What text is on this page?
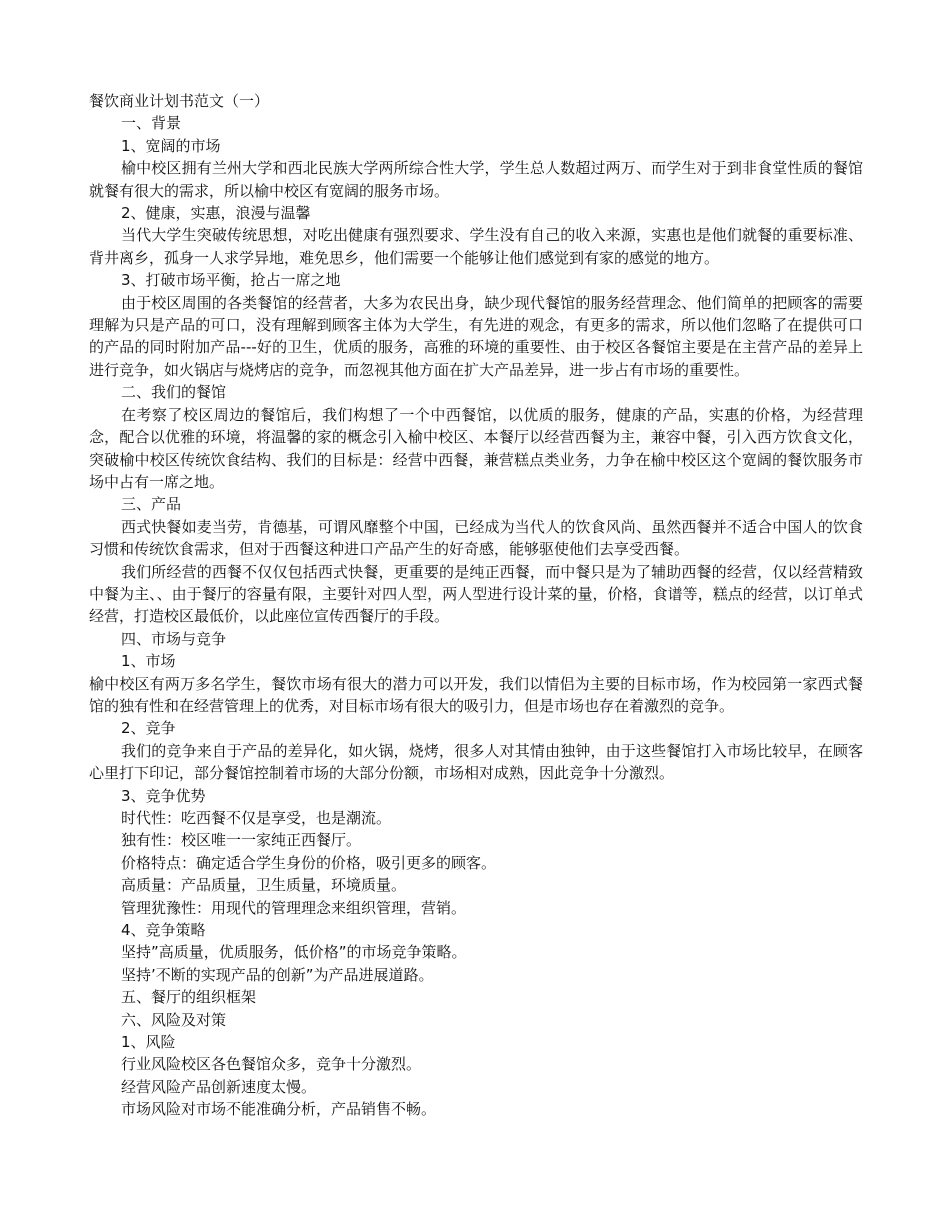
餐饮商业计划书范文（一）

一、背景

1、宽阔的市场

榆中校区拥有兰州大学和西北民族大学两所综合性大学，学生总人数超过两万、而学生对于到非食堂性质的餐馆就餐有很大的需求，所以榆中校区有宽阔的服务市场。

2、健康，实惠，浪漫与温馨

当代大学生突破传统思想，对吃出健康有强烈要求、学生没有自己的收入来源，实惠也是他们就餐的重要标准、背井离乡，孤身一人求学异地，难免思乡，他们需要一个能够让他们感觉到有家的感觉的地方。

3、打破市场平衡，抢占一席之地

由于校区周围的各类餐馆的经营者，大多为农民出身，缺少现代餐馆的服务经营理念、他们简单的把顾客的需要理解为只是产品的可口，没有理解到顾客主体为大学生，有先进的观念，有更多的需求，所以他们忽略了在提供可口的产品的同时附加产品---好的卫生，优质的服务，高雅的环境的重要性、由于校区各餐馆主要是在主营产品的差异上进行竞争，如火锅店与烧烤店的竞争，而忽视其他方面在扩大产品差异，进一步占有市场的重要性。

二、我们的餐馆

在考察了校区周边的餐馆后，我们构想了一个中西餐馆，以优质的服务，健康的产品，实惠的价格，为经营理念，配合以优雅的环境，将温馨的家的概念引入榆中校区、本餐厅以经营西餐为主，兼容中餐，引入西方饮食文化，突破榆中校区传统饮食结构、我们的目标是：经营中西餐，兼营糕点类业务，力争在榆中校区这个宽阔的餐饮服务市场中占有一席之地。

三、产品

西式快餐如麦当劳，肯德基，可谓风靡整个中国，已经成为当代人的饮食风尚、虽然西餐并不适合中国人的饮食习惯和传统饮食需求，但对于西餐这种进口产品产生的好奇感，能够驱使他们去享受西餐。

我们所经营的西餐不仅仅包括西式快餐，更重要的是纯正西餐，而中餐只是为了辅助西餐的经营，仅以经营精致中餐为主、、由于餐厅的容量有限，主要针对四人型，两人型进行设计菜的量，价格，食谱等，糕点的经营，以订单式经营，打造校区最低价，以此座位宣传西餐厅的手段。

四、市场与竞争

1、市场

榆中校区有两万多名学生，餐饮市场有很大的潜力可以开发，我们以情侣为主要的目标市场，作为校园第一家西式餐馆的独有性和在经营管理上的优秀，对目标市场有很大的吸引力，但是市场也存在着激烈的竞争。

2、竞争

我们的竞争来自于产品的差异化，如火锅，烧烤，很多人对其情由独钟，由于这些餐馆打入市场比较早，在顾客心里打下印记，部分餐馆控制着市场的大部分份额，市场相对成熟，因此竞争十分激烈。

3、竞争优势

时代性：吃西餐不仅是享受，也是潮流。

独有性：校区唯一一家纯正西餐厅。

价格特点：确定适合学生身份的价格，吸引更多的顾客。

高质量：产品质量，卫生质量，环境质量。

管理犹豫性：用现代的管理理念来组织管理，营销。

4、竞争策略

坚持”高质量，优质服务，低价格”的市场竞争策略。

坚持’不断的实现产品的创新”为产品进展道路。

五、餐厅的组织框架

六、风险及对策

1、风险

行业风险校区各色餐馆众多，竞争十分激烈。

经营风险产品创新速度太慢。

市场风险对市场不能准确分析，产品销售不畅。
